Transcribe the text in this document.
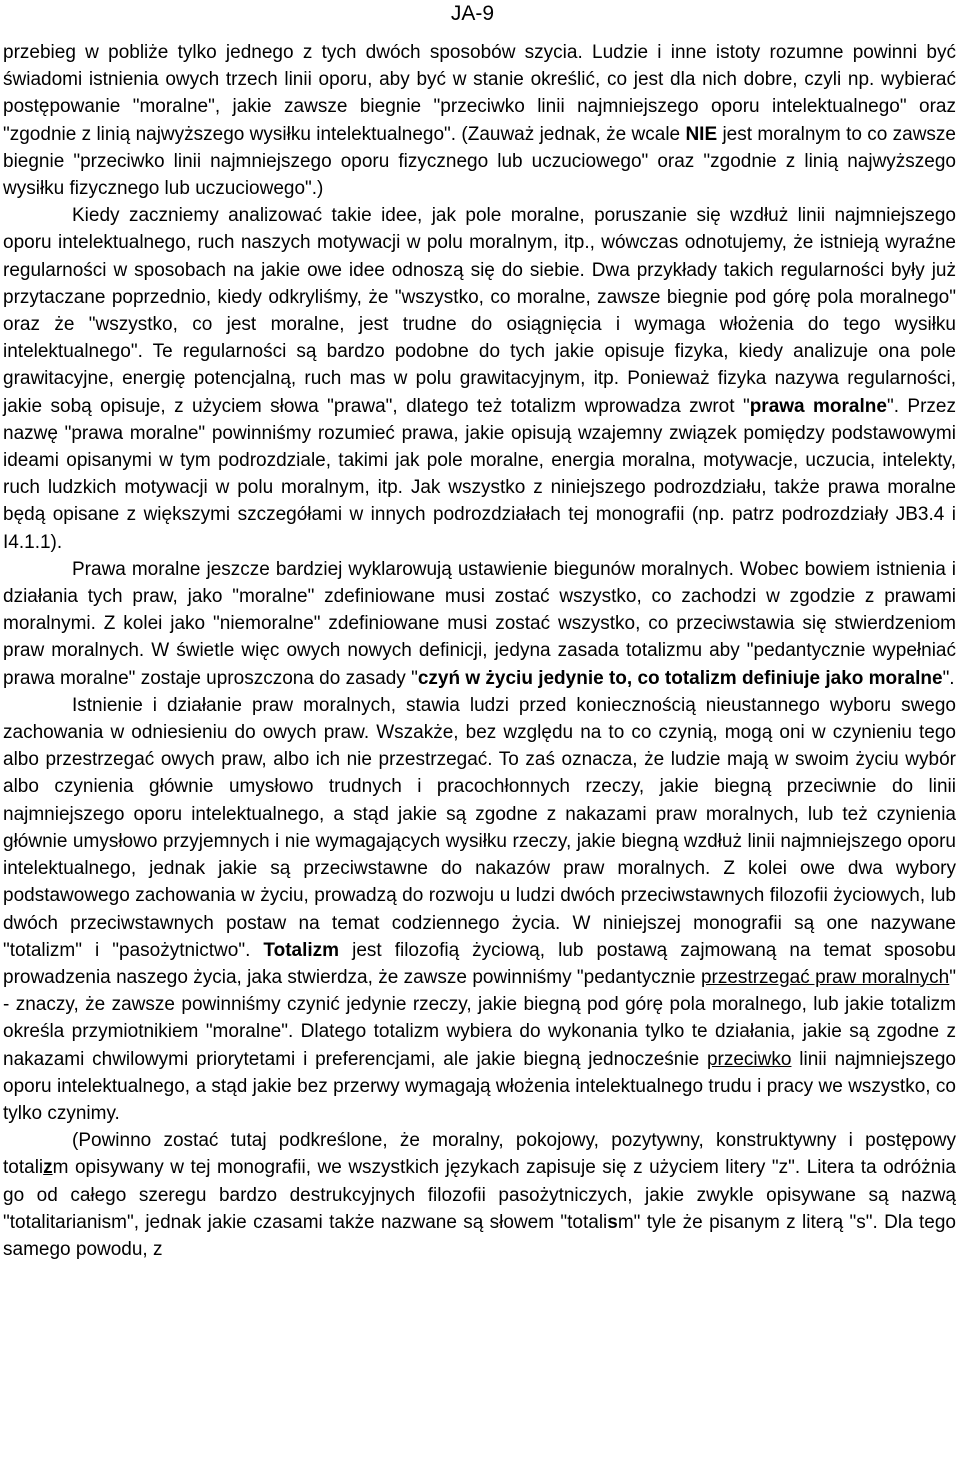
JA-9

przebieg w pobliże tylko jednego z tych dwóch sposobów szycia. Ludzie i inne istoty rozumne powinni być świadomi istnienia owych trzech linii oporu, aby być w stanie określić, co jest dla nich dobre, czyli np. wybierać postępowanie "moralne", jakie zawsze biegnie "przeciwko linii najmniejszego oporu intelektualnego" oraz "zgodnie z linią najwyższego wysiłku intelektualnego". (Zauważ jednak, że wcale NIE jest moralnym to co zawsze biegnie "przeciwko linii najmniejszego oporu fizycznego lub uczuciowego" oraz "zgodnie z linią najwyższego wysiłku fizycznego lub uczuciowego".)

Kiedy zaczniemy analizować takie idee, jak pole moralne, poruszanie się wzdłuż linii najmniejszego oporu intelektualnego, ruch naszych motywacji w polu moralnym, itp., wówczas odnotujemy, że istnieją wyraźne regularności w sposobach na jakie owe idee odnoszą się do siebie. Dwa przykłady takich regularności były już przytaczane poprzednio, kiedy odkryliśmy, że "wszystko, co moralne, zawsze biegnie pod górę pola moralnego" oraz że "wszystko, co jest moralne, jest trudne do osiągnięcia i wymaga włożenia do tego wysiłku intelektualnego". Te regularności są bardzo podobne do tych jakie opisuje fizyka, kiedy analizuje ona pole grawitacyjne, energię potencjalną, ruch mas w polu grawitacyjnym, itp. Ponieważ fizyka nazywa regularności, jakie sobą opisuje, z użyciem słowa "prawa", dlatego też totalizm wprowadza zwrot "prawa moralne". Przez nazwę "prawa moralne" powinniśmy rozumieć prawa, jakie opisują wzajemny związek pomiędzy podstawowymi ideami opisanymi w tym podrozdziale, takimi jak pole moralne, energia moralna, motywacje, uczucia, intelekty, ruch ludzkich motywacji w polu moralnym, itp. Jak wszystko z niniejszego podrozdziału, także prawa moralne będą opisane z większymi szczegółami w innych podrozdziałach tej monografii (np. patrz podrozdziały JB3.4 i I4.1.1).

Prawa moralne jeszcze bardziej wyklarowują ustawienie biegunów moralnych. Wobec bowiem istnienia i działania tych praw, jako "moralne" zdefiniowane musi zostać wszystko, co zachodzi w zgodzie z prawami moralnymi. Z kolei jako "niemoralne" zdefiniowane musi zostać wszystko, co przeciwstawia się stwierdzeniom praw moralnych. W świetle więc owych nowych definicji, jedyna zasada totalizmu aby "pedantycznie wypełniać prawa moralne" zostaje uproszczona do zasady "czyń w życiu jedynie to, co totalizm definiuje jako moralne".

Istnienie i działanie praw moralnych, stawia ludzi przed koniecznością nieustannego wyboru swego zachowania w odniesieniu do owych praw. Wszakże, bez względu na to co czynią, mogą oni w czynieniu tego albo przestrzegać owych praw, albo ich nie przestrzegać. To zaś oznacza, że ludzie mają w swoim życiu wybór albo czynienia głównie umysłowo trudnych i pracochłonnych rzeczy, jakie biegną przeciwnie do linii najmniejszego oporu intelektualnego, a stąd jakie są zgodne z nakazami praw moralnych, lub też czynienia głównie umysłowo przyjemnych i nie wymagających wysiłku rzeczy, jakie biegną wzdłuż linii najmniejszego oporu intelektualnego, jednak jakie są przeciwstawne do nakazów praw moralnych. Z kolei owe dwa wybory podstawowego zachowania w życiu, prowadzą do rozwoju u ludzi dwóch przeciwstawnych filozofii życiowych, lub dwóch przeciwstawnych postaw na temat codziennego życia. W niniejszej monografii są one nazywane "totalizm" i "pasożytnictwo". Totalizm jest filozofią życiową, lub postawą zajmowaną na temat sposobu prowadzenia naszego życia, jaka stwierdza, że zawsze powinniśmy "pedantycznie przestrzegać praw moralnych" - znaczy, że zawsze powinniśmy czynić jedynie rzeczy, jakie biegną pod górę pola moralnego, lub jakie totalizm określa przymiotnikiem "moralne". Dlatego totalizm wybiera do wykonania tylko te działania, jakie są zgodne z nakazami chwilowymi priorytetami i preferencjami, ale jakie biegną jednocześnie przeciwko linii najmniejszego oporu intelektualnego, a stąd jakie bez przerwy wymagają włożenia intelektualnego trudu i pracy we wszystko, co tylko czynimy.

(Powinno zostać tutaj podkreślone, że moralny, pokojowy, pozytywny, konstruktywny i postępowy totalizm opisywany w tej monografii, we wszystkich językach zapisuje się z użyciem litery "z". Litera ta odróżnia go od całego szeregu bardzo destrukcyjnych filozofii pasożytniczych, jakie zwykle opisywane są nazwą "totalitarianism", jednak jakie czasami także nazwane są słowem "totalism" tyle że pisanym z literą "s". Dla tego samego powodu, z
